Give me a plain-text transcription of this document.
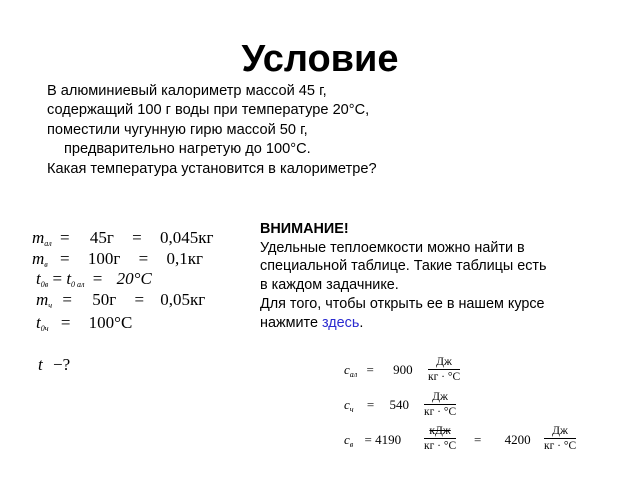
Условие
В алюминиевый калориметр массой 45 г,
содержащий 100 г воды при температуре 20°С,
поместили чугунную гирю массой 50 г,
предварительно нагретую до 100°С.
Какая температура установится в калориметре?
$m_{ал} = 45г = 0,045кг$
$m_в = 100г = 0,1кг$
$t_{0в} = t_{0 ал} = 20^\circ C$
$m_ч = 50г = 0,05кг$
$t_{0ч} = 100^\circ C$
t −?
ВНИМАНИЕ!
Удельные теплоемкости можно найти в
специальной таблице. Такие таблицы есть
в каждом задачнике.
Для того, чтобы открыть ее в нашем курсе
нажмите здесь.
$c_{ал} = 900$	Дж
кг · °C
$c_ч = 540$	Дж
кг · °C
$c_в = 4190$
кДж
кг · °C = 4200
Дж
кг · °C
